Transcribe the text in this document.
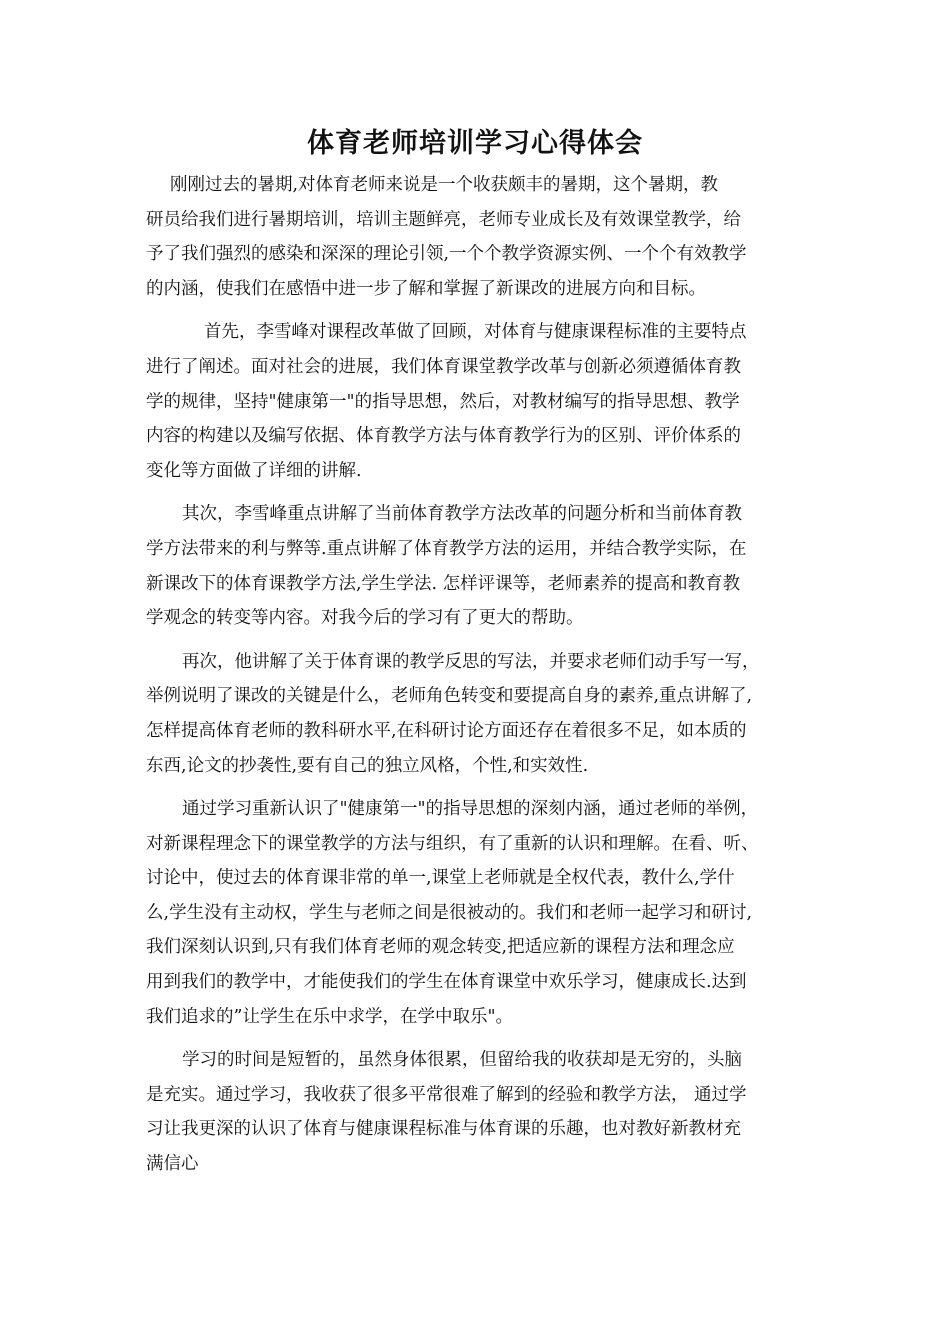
体育老师培训学习心得体会
刚刚过去的暑期,对体育老师来说是一个收获颇丰的暑期，这个暑期，教
研员给我们进行暑期培训，培训主题鲜亮，老师专业成长及有效课堂教学，给
予了我们强烈的感染和深深的理论引领,一个个教学资源实例、一个个有效教学
的内涵，使我们在感悟中进一步了解和掌握了新课改的进展方向和目标。
首先，李雪峰对课程改革做了回顾，对体育与健康课程标准的主要特点
进行了阐述。面对社会的进展，我们体育课堂教学改革与创新必须遵循体育教
学的规律，坚持"健康第一"的指导思想，然后，对教材编写的指导思想、教学
内容的构建以及编写依据、体育教学方法与体育教学行为的区别、评价体系的
变化等方面做了详细的讲解.
其次，李雪峰重点讲解了当前体育教学方法改革的问题分析和当前体育教
学方法带来的利与弊等.重点讲解了体育教学方法的运用，并结合教学实际，在
新课改下的体育课教学方法,学生学法. 怎样评课等，老师素养的提高和教育教
学观念的转变等内容。对我今后的学习有了更大的帮助。
再次，他讲解了关于体育课的教学反思的写法，并要求老师们动手写一写，
举例说明了课改的关键是什么，老师角色转变和要提高自身的素养,重点讲解了,
怎样提高体育老师的教科研水平,在科研讨论方面还存在着很多不足，如本质的
东西,论文的抄袭性,要有自己的独立风格，个性,和实效性.
通过学习重新认识了"健康第一"的指导思想的深刻内涵，通过老师的举例，
对新课程理念下的课堂教学的方法与组织，有了重新的认识和理解。在看、听、
讨论中，使过去的体育课非常的单一,课堂上老师就是全权代表，教什么,学什
么,学生没有主动权，学生与老师之间是很被动的。我们和老师一起学习和研讨,
我们深刻认识到,只有我们体育老师的观念转变,把适应新的课程方法和理念应
用到我们的教学中，才能使我们的学生在体育课堂中欢乐学习，健康成长.达到
我们追求的”让学生在乐中求学，在学中取乐"。
学习的时间是短暂的，虽然身体很累，但留给我的收获却是无穷的，头脑
是充实。通过学习，我收获了很多平常很难了解到的经验和教学方法， 通过学
习让我更深的认识了体育与健康课程标准与体育课的乐趣，也对教好新教材充
满信心
